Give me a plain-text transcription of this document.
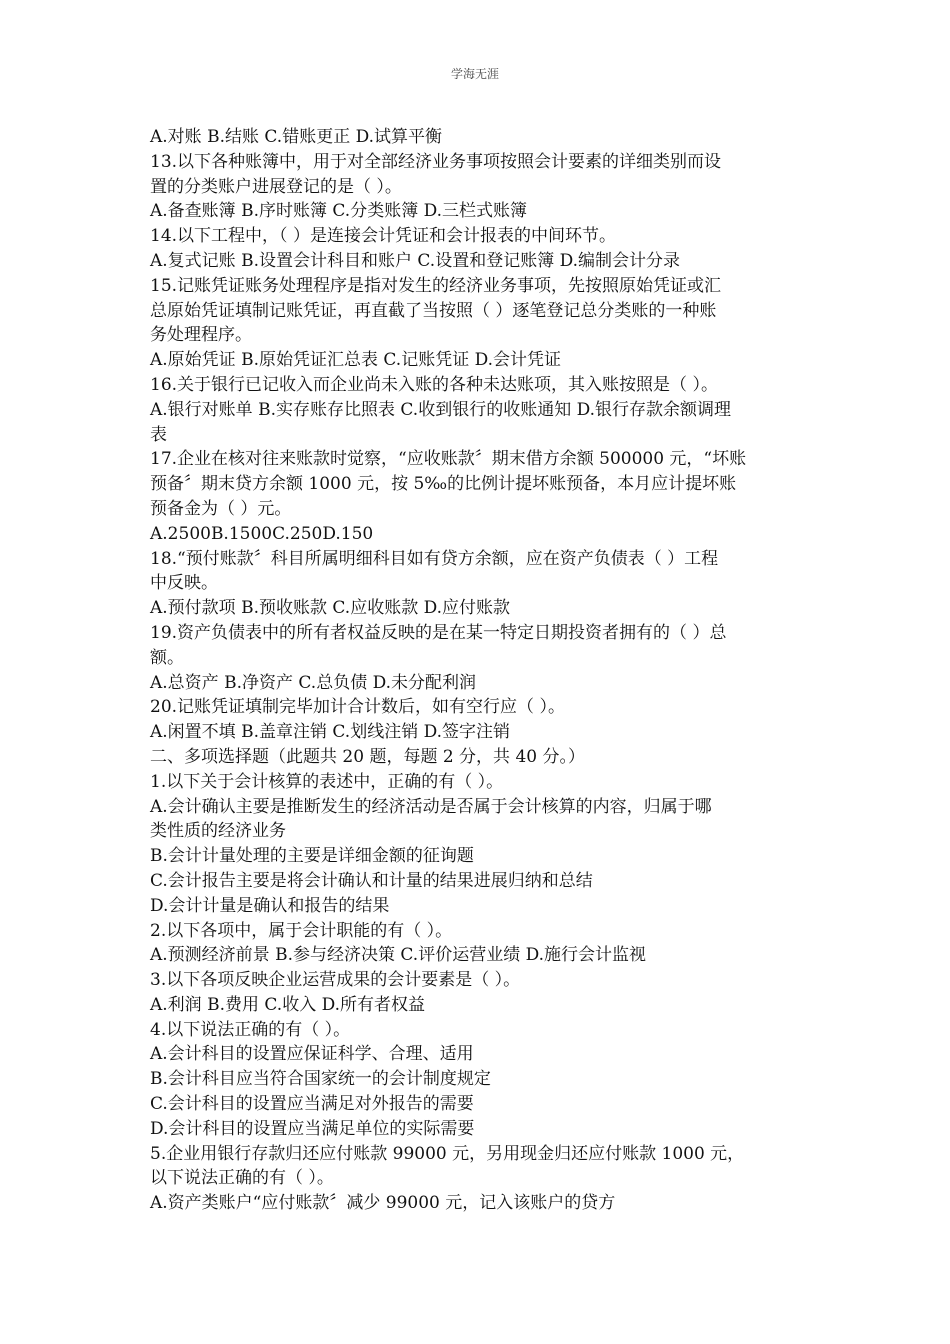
学海无涯
A.对账 B.结账 C.错账更正 D.试算平衡
13.以下各种账簿中，用于对全部经济业务事项按照会计要素的详细类别而设
置的分类账户进展登记的是（ ）。
A.备查账簿 B.序时账簿 C.分类账簿 D.三栏式账簿
14.以下工程中，（ ）是连接会计凭证和会计报表的中间环节。
A.复式记账 B.设置会计科目和账户 C.设置和登记账簿 D.编制会计分录
15.记账凭证账务处理程序是指对发生的经济业务事项，先按照原始凭证或汇
总原始凭证填制记账凭证，再直截了当按照（ ）逐笔登记总分类账的一种账
务处理程序。
A.原始凭证 B.原始凭证汇总表 C.记账凭证 D.会计凭证
16.关于银行已记收入而企业尚未入账的各种未达账项，其入账按照是（ ）。
A.银行对账单 B.实存账存比照表 C.收到银行的收账通知 D.银行存款余额调理
表
17.企业在核对往来账款时觉察，“应收账款〞期末借方余额 500000 元，“坏账
预备〞期末贷方余额 1000 元，按 5‰的比例计提坏账预备，本月应计提坏账
预备金为（ ）元。
A.2500B.1500C.250D.150
18.“预付账款〞科目所属明细科目如有贷方余额，应在资产负债表（ ）工程
中反映。
A.预付款项 B.预收账款 C.应收账款 D.应付账款
19.资产负债表中的所有者权益反映的是在某一特定日期投资者拥有的（ ）总
额。
A.总资产 B.净资产 C.总负债 D.未分配利润
20.记账凭证填制完毕加计合计数后，如有空行应（ ）。
A.闲置不填 B.盖章注销 C.划线注销 D.签字注销
二、多项选择题（此题共 20 题，每题 2 分，共 40 分。）
1.以下关于会计核算的表述中，正确的有（ ）。
A.会计确认主要是推断发生的经济活动是否属于会计核算的内容，归属于哪
类性质的经济业务
B.会计计量处理的主要是详细金额的征询题
C.会计报告主要是将会计确认和计量的结果进展归纳和总结
D.会计计量是确认和报告的结果
2.以下各项中，属于会计职能的有（ ）。
A.预测经济前景 B.参与经济决策 C.评价运营业绩 D.施行会计监视
3.以下各项反映企业运营成果的会计要素是（ ）。
A.利润 B.费用 C.收入 D.所有者权益
4.以下说法正确的有（ ）。
A.会计科目的设置应保证科学、合理、适用
B.会计科目应当符合国家统一的会计制度规定
C.会计科目的设置应当满足对外报告的需要
D.会计科目的设置应当满足单位的实际需要
5.企业用银行存款归还应付账款 99000 元，另用现金归还应付账款 1000 元，
以下说法正确的有（ ）。
A.资产类账户“应付账款〞减少 99000 元，记入该账户的贷方
